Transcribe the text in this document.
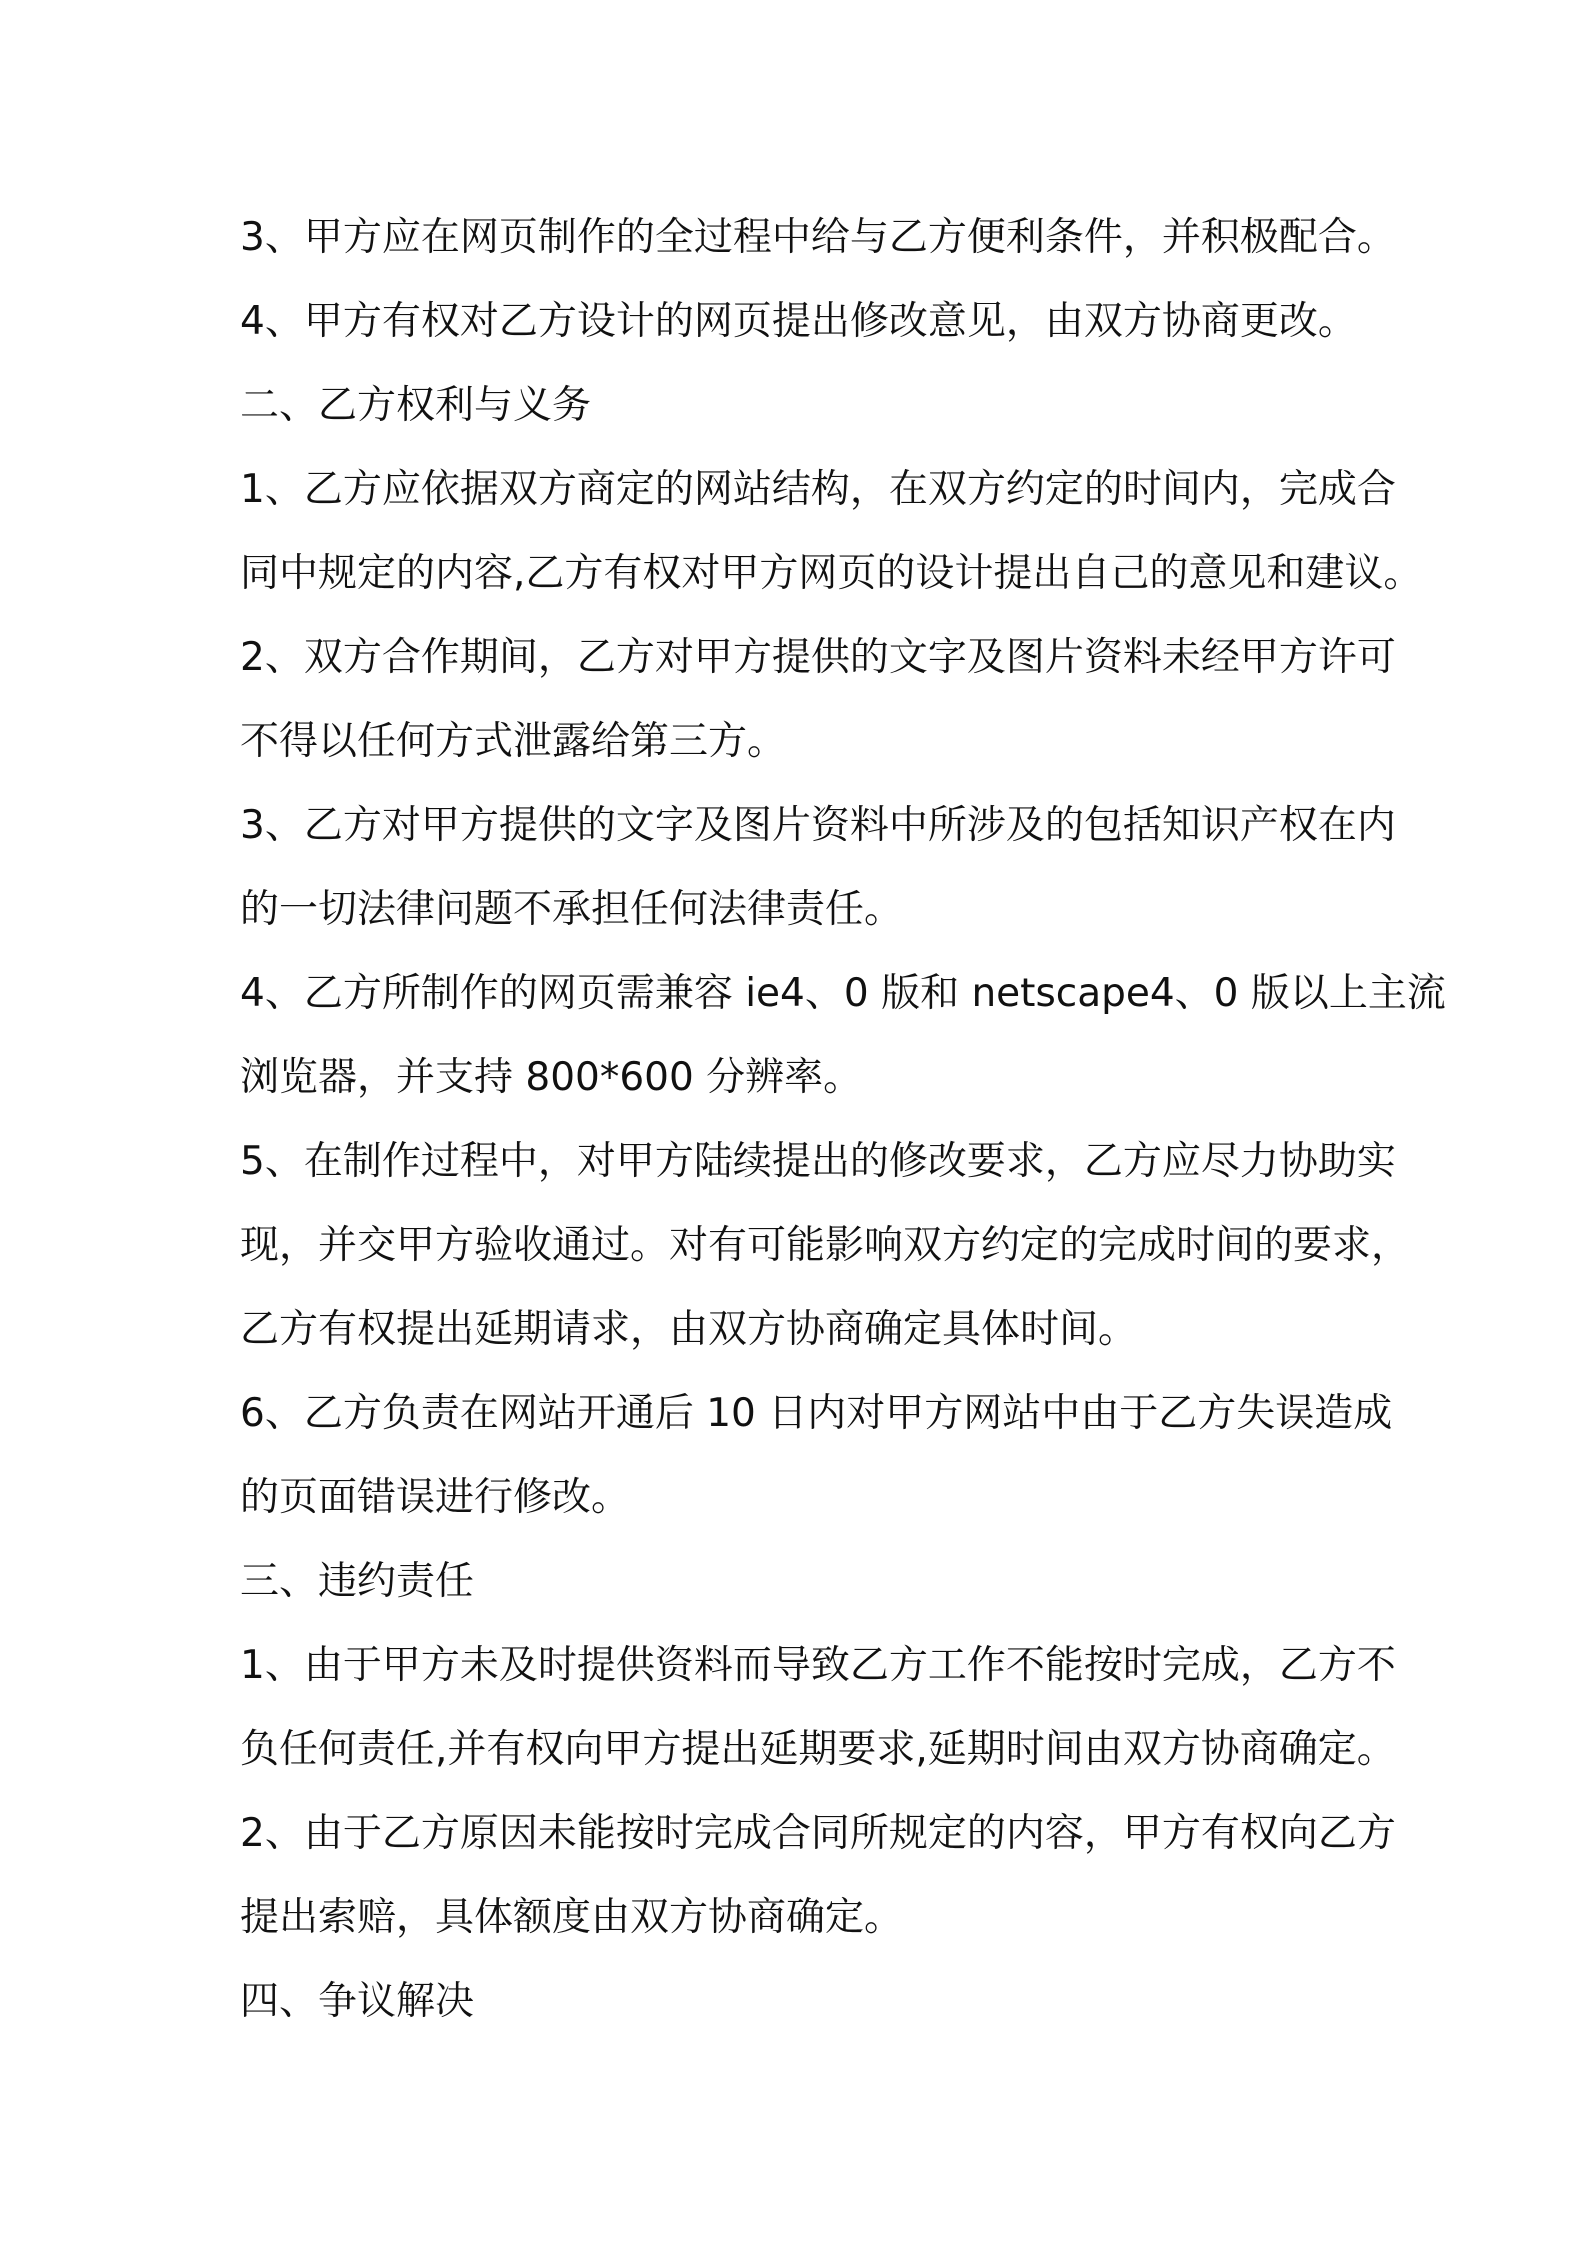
3、甲方应在网页制作的全过程中给与乙方便利条件，并积极配合。
4、甲方有权对乙方设计的网页提出修改意见，由双方协商更改。
二、乙方权利与义务
1、乙方应依据双方商定的网站结构，在双方约定的时间内，完成合
同中规定的内容,乙方有权对甲方网页的设计提出自己的意见和建议。
2、双方合作期间，乙方对甲方提供的文字及图片资料未经甲方许可
不得以任何方式泄露给第三方。
3、乙方对甲方提供的文字及图片资料中所涉及的包括知识产权在内
的一切法律问题不承担任何法律责任。
4、乙方所制作的网页需兼容 ie4、0 版和 netscape4、0 版以上主流
浏览器，并支持 800*600 分辨率。
5、在制作过程中，对甲方陆续提出的修改要求，乙方应尽力协助实
现，并交甲方验收通过。对有可能影响双方约定的完成时间的要求，
乙方有权提出延期请求，由双方协商确定具体时间。
6、乙方负责在网站开通后 10 日内对甲方网站中由于乙方失误造成
的页面错误进行修改。
三、违约责任
1、由于甲方未及时提供资料而导致乙方工作不能按时完成，乙方不
负任何责任,并有权向甲方提出延期要求,延期时间由双方协商确定。
2、由于乙方原因未能按时完成合同所规定的内容，甲方有权向乙方
提出索赔，具体额度由双方协商确定。
四、争议解决
